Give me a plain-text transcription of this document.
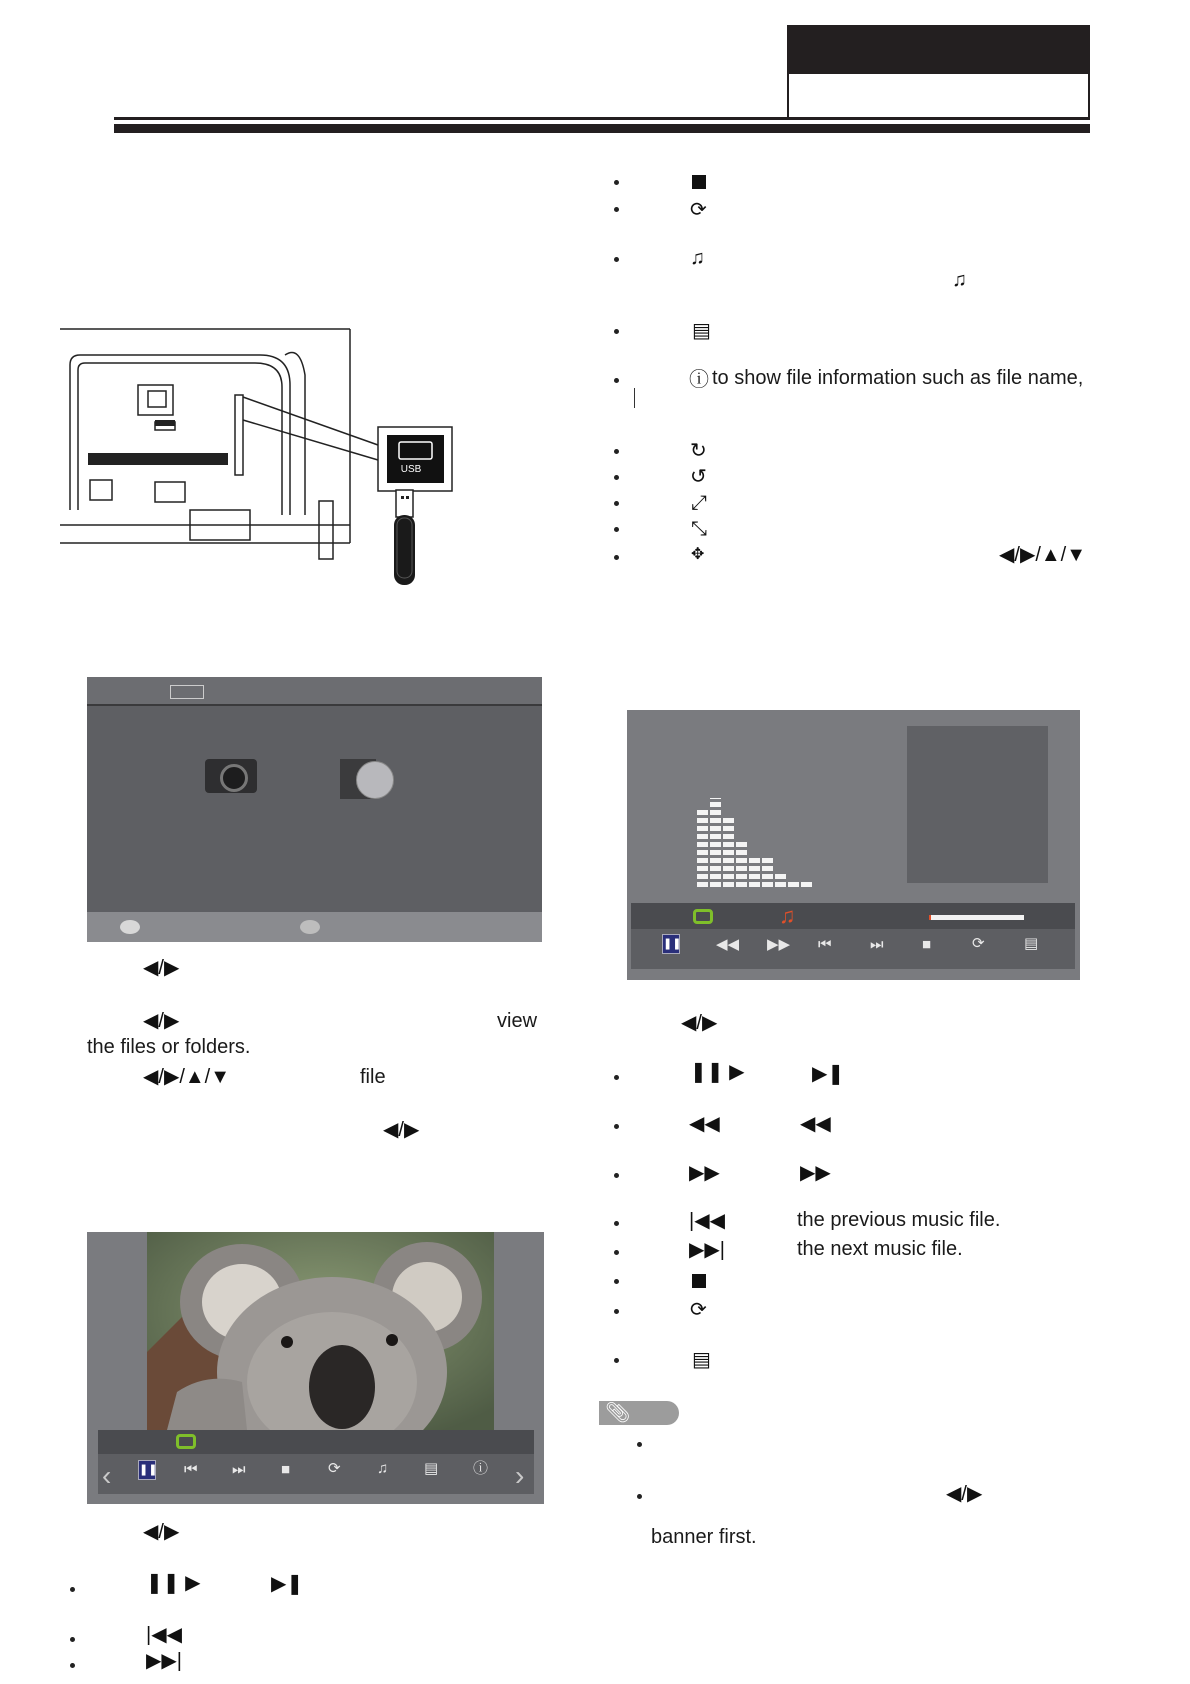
USB
◀/▶
◀/▶	view
the files or folders.
◀/▶/▲/▼	file
◀/▶
‹	❚❚ ⏮ ⏭ ■	⟳ ♫ ▤ ⓘ ›
◀/▶
❚❚ ▶	▶❚
|◀◀
▶▶|
⟳
♫
♫
▤
ⓘ to show file information such as file name,
↻
↺
⤢
⤡
✥	◀/▶/▲/▼
♫
❚❚ ◀◀ ▶▶ ⏮	⏭	■	⟳	▤
◀/▶
❚❚ ▶	▶❚
◀◀	◀◀
▶▶	▶▶
|◀◀	the previous music file.
▶▶|	the next music file.
⟳
▤
📎︎
◀/▶
banner first.
